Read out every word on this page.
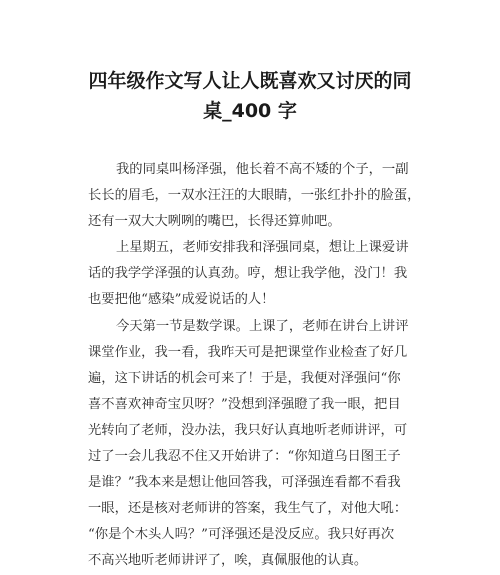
四年级作文写人让人既喜欢又讨厌的同
桌_400 字
我的同桌叫杨泽强，他长着不高不矮的个子，一副
长长的眉毛，一双水汪汪的大眼睛，一张红扑扑的脸蛋，
还有一双大大咧咧的嘴巴，长得还算帅吧。
上星期五，老师安排我和泽强同桌，想让上课爱讲
话的我学学泽强的认真劲。哼，想让我学他，没门！我
也要把他“感染”成爱说话的人！
今天第一节是数学课。上课了，老师在讲台上讲评
课堂作业，我一看，我昨天可是把课堂作业检查了好几
遍，这下讲话的机会可来了！于是，我便对泽强问“你
喜不喜欢神奇宝贝呀？”没想到泽强瞪了我一眼，把目
光转向了老师，没办法，我只好认真地听老师讲评，可
过了一会儿我忍不住又开始讲了：“你知道乌日图王子
是谁？”我本来是想让他回答我，可泽强连看都不看我
一眼，还是核对老师讲的答案，我生气了，对他大吼：
“你是个木头人吗？”可泽强还是没反应。我只好再次
不高兴地听老师讲评了，唉，真佩服他的认真。
